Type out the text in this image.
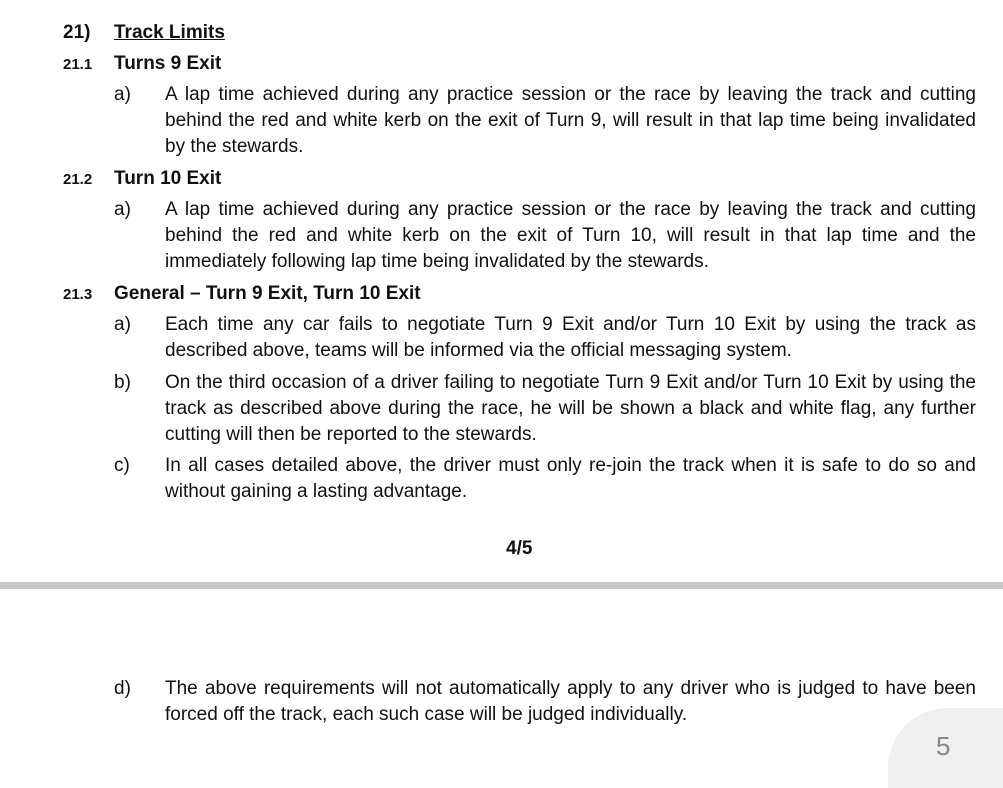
21) Track Limits
21.1 Turns 9 Exit
a) A lap time achieved during any practice session or the race by leaving the track and cutting behind the red and white kerb on the exit of Turn 9, will result in that lap time being invalidated by the stewards.
21.2 Turn 10 Exit
a) A lap time achieved during any practice session or the race by leaving the track and cutting behind the red and white kerb on the exit of Turn 10, will result in that lap time and the immediately following lap time being invalidated by the stewards.
21.3 General – Turn 9 Exit, Turn 10 Exit
a) Each time any car fails to negotiate Turn 9 Exit and/or Turn 10 Exit by using the track as described above, teams will be informed via the official messaging system.
b) On the third occasion of a driver failing to negotiate Turn 9 Exit and/or Turn 10 Exit by using the track as described above during the race, he will be shown a black and white flag, any further cutting will then be reported to the stewards.
c) In all cases detailed above, the driver must only re-join the track when it is safe to do so and without gaining a lasting advantage.
4/5
d) The above requirements will not automatically apply to any driver who is judged to have been forced off the track, each such case will be judged individually.
5
